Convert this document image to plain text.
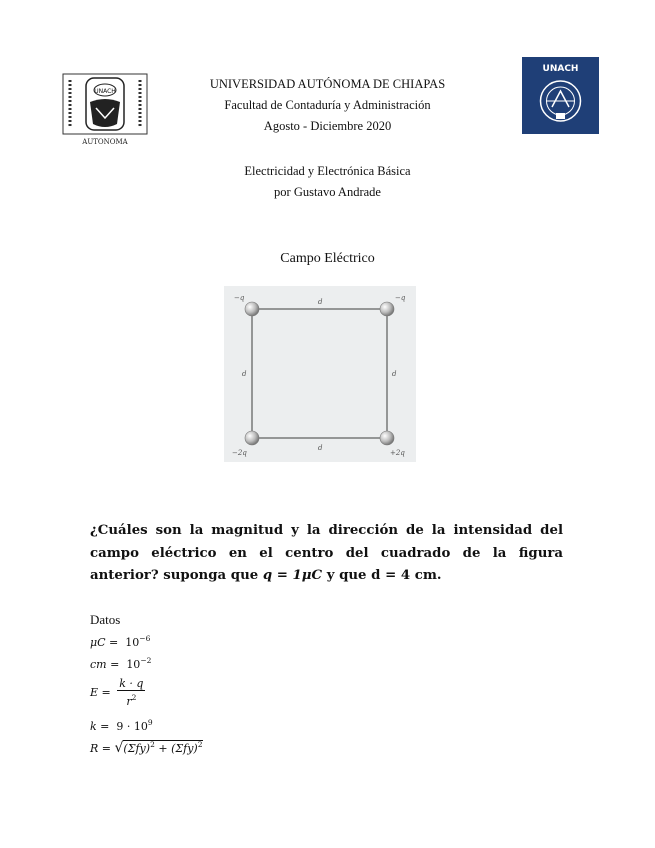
UNACH
AUTONOMA
UNACH
UNIVERSIDAD AUTÓNOMA DE CHIAPAS
Facultad de Contaduría y Administración
Agosto - Diciembre 2020
Electricidad y Electrónica Básica
por Gustavo Andrade
Campo Eléctrico
−q	−q
−2q	+2q
d
d	d
d
¿Cuáles son la magnitud y la dirección de la intensidad del campo eléctrico en el centro del cuadrado de la figura anterior? suponga que q = 1μC y que d = 4 cm.
Datos
$\mu C = 10^{-6}$
cm = $10^{-2}$
$E = \frac{k \cdot q}{r^2}$
$k = 9 \cdot 10^9$
$R = √(\Sigma fy)^2 + (\Sigma fy)^2$
